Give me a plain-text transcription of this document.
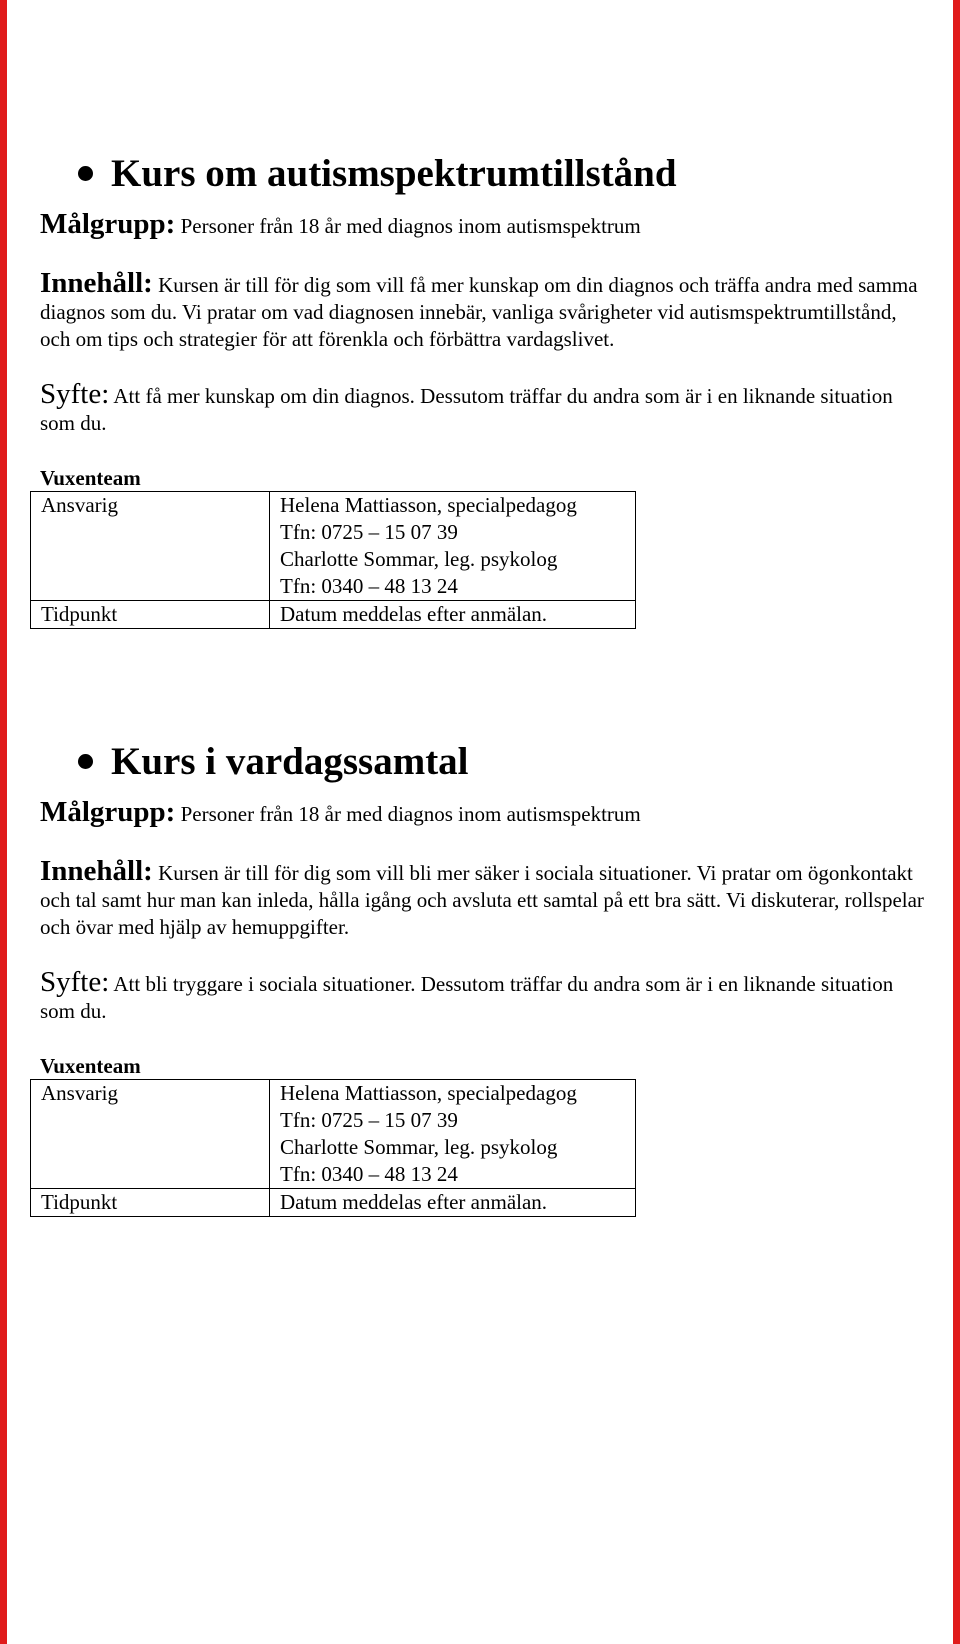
Kurs om autismspektrumtillstånd

Målgrupp: Personer från 18 år med diagnos inom autismspektrum

Innehåll: Kursen är till för dig som vill få mer kunskap om din diagnos och träffa andra med samma diagnos som du. Vi pratar om vad diagnosen innebär, vanliga svårigheter vid autismspektrumtillstånd, och om tips och strategier för att förenkla och förbättra vardagslivet.

Syfte: Att få mer kunskap om din diagnos. Dessutom träffar du andra som är i en liknande situation som du.

Vuxenteam
Ansvarig	Helena Mattiasson, specialpedagog
Tfn: 0725 – 15 07 39
Charlotte Sommar, leg. psykolog
Tfn: 0340 – 48 13 24

Tidpunkt	Datum meddelas efter anmälan.
Kurs i vardagssamtal

Målgrupp: Personer från 18 år med diagnos inom autismspektrum

Innehåll: Kursen är till för dig som vill bli mer säker i sociala situationer. Vi pratar om ögonkontakt och tal samt hur man kan inleda, hålla igång och avsluta ett samtal på ett bra sätt. Vi diskuterar, rollspelar och övar med hjälp av hemuppgifter.

Syfte: Att bli tryggare i sociala situationer. Dessutom träffar du andra som är i en liknande situation som du.

Vuxenteam
Ansvarig	Helena Mattiasson, specialpedagog
Tfn: 0725 – 15 07 39
Charlotte Sommar, leg. psykolog
Tfn: 0340 – 48 13 24

Tidpunkt	Datum meddelas efter anmälan.
